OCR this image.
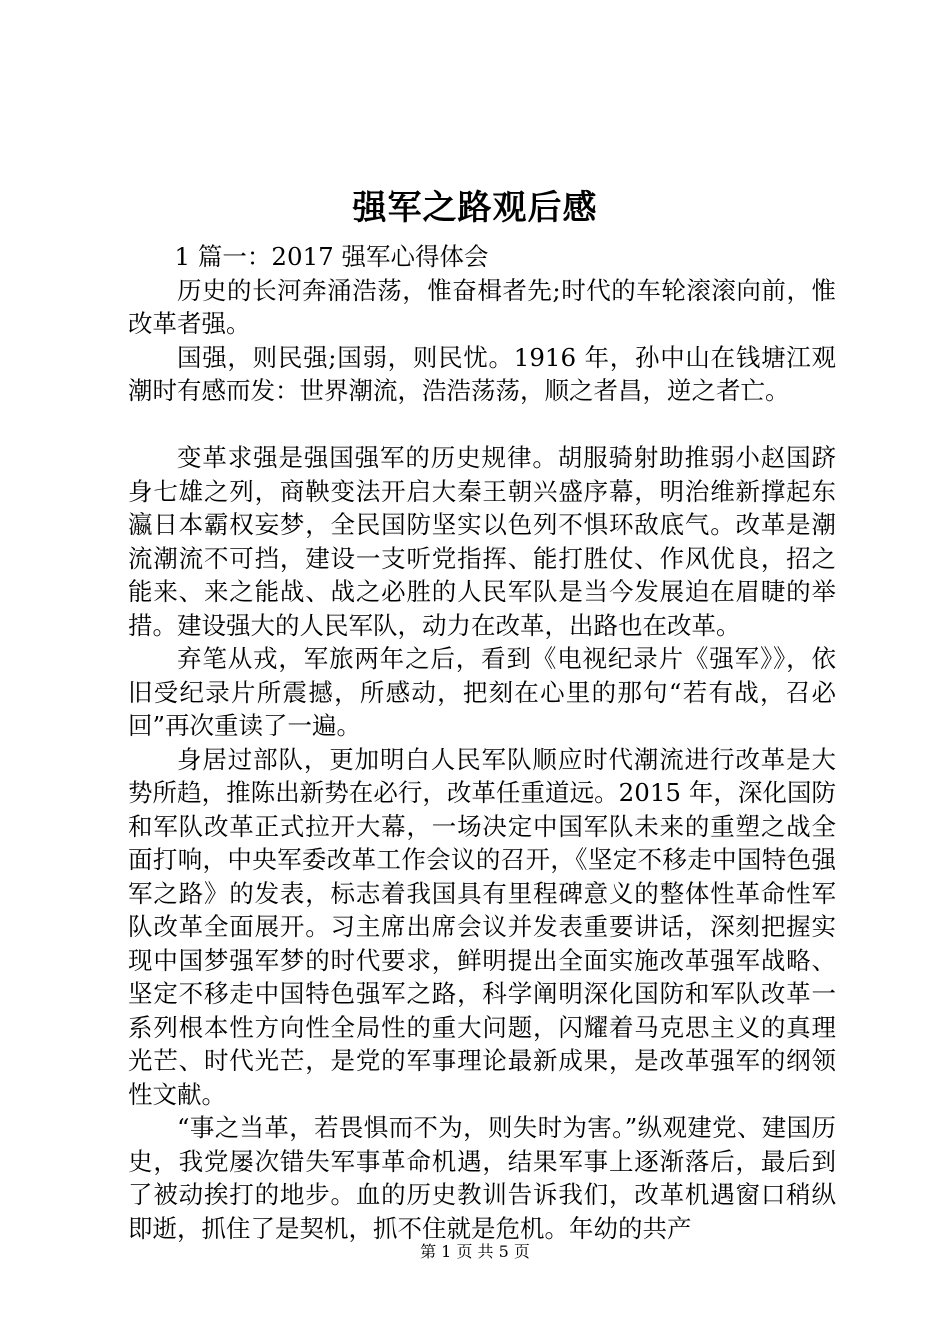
强军之路观后感

1 篇一：2017 强军心得体会

历史的长河奔涌浩荡，惟奋楫者先;时代的车轮滚滚向前，惟改革者强。

国强，则民强;国弱，则民忧。1916 年，孙中山在钱塘江观潮时有感而发：世界潮流，浩浩荡荡，顺之者昌，逆之者亡。

变革求强是强国强军的历史规律。胡服骑射助推弱小赵国跻身七雄之列，商鞅变法开启大秦王朝兴盛序幕，明治维新撑起东瀛日本霸权妄梦，全民国防坚实以色列不惧环敌底气。改革是潮流潮流不可挡，建设一支听党指挥、能打胜仗、作风优良，招之能来、来之能战、战之必胜的人民军队是当今发展迫在眉睫的举措。建设强大的人民军队，动力在改革，出路也在改革。

弃笔从戎，军旅两年之后，看到《电视纪录片《强军》》，依旧受纪录片所震撼，所感动，把刻在心里的那句“若有战，召必回”再次重读了一遍。

身居过部队，更加明白人民军队顺应时代潮流进行改革是大势所趋，推陈出新势在必行，改革任重道远。2015 年，深化国防和军队改革正式拉开大幕，一场决定中国军队未来的重塑之战全面打响，中央军委改革工作会议的召开，《坚定不移走中国特色强军之路》的发表，标志着我国具有里程碑意义的整体性革命性军队改革全面展开。习主席出席会议并发表重要讲话，深刻把握实现中国梦强军梦的时代要求，鲜明提出全面实施改革强军战略、坚定不移走中国特色强军之路，科学阐明深化国防和军队改革一系列根本性方向性全局性的重大问题，闪耀着马克思主义的真理光芒、时代光芒，是党的军事理论最新成果，是改革强军的纲领性文献。

“事之当革，若畏惧而不为，则失时为害。”纵观建党、建国历史，我党屡次错失军事革命机遇，结果军事上逐渐落后，最后到了被动挨打的地步。血的历史教训告诉我们，改革机遇窗口稍纵即逝，抓住了是契机，抓不住就是危机。年幼的共产

第 1 页 共 5 页
